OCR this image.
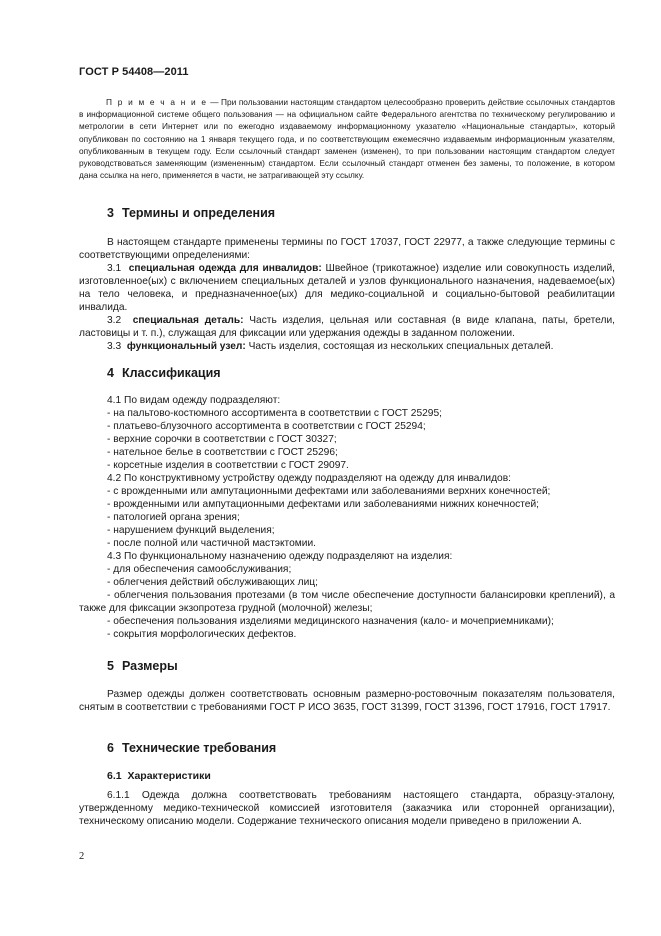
ГОСТ Р 54408—2011

П р и м е ч а н и е — При пользовании настоящим стандартом целесообразно проверить действие ссылочных стандартов в информационной системе общего пользования — на официальном сайте Федерального агентства по техническому регулированию и метрологии в сети Интернет или по ежегодно издаваемому информационному указателю «Национальные стандарты», который опубликован по состоянию на 1 января текущего года, и по соответствующим ежемесячно издаваемым информационным указателям, опубликованным в текущем году. Если ссылочный стандарт заменен (изменен), то при пользовании настоящим стандартом следует руководствоваться заменяющим (измененным) стандартом. Если ссылочный стандарт отменен без замены, то положение, в котором дана ссылка на него, применяется в части, не затрагивающей эту ссылку.

3 Термины и определения

В настоящем стандарте применены термины по ГОСТ 17037, ГОСТ 22977, а также следующие термины с соответствующими определениями:

3.1 специальная одежда для инвалидов: Швейное (трикотажное) изделие или совокупность изделий, изготовленное(ых) с включением специальных деталей и узлов функционального назначения, надеваемое(ых) на тело человека, и предназначенное(ых) для медико-социальной и социально-бытовой реабилитации инвалида.

3.2 специальная деталь: Часть изделия, цельная или составная (в виде клапана, паты, бретели, ластовицы и т. п.), служащая для фиксации или удержания одежды в заданном положении.

3.3 функциональный узел: Часть изделия, состоящая из нескольких специальных деталей.

4 Классификация

4.1 По видам одежду подразделяют:

- на пальтово-костюмного ассортимента в соответствии с ГОСТ 25295;

- платьево-блузочного ассортимента в соответствии с ГОСТ 25294;

- верхние сорочки в соответствии с ГОСТ 30327;

- нательное белье в соответствии с ГОСТ 25296;

- корсетные изделия в соответствии с ГОСТ 29097.

4.2 По конструктивному устройству одежду подразделяют на одежду для инвалидов:

- с врожденными или ампутационными дефектами или заболеваниями верхних конечностей;

- врожденными или ампутационными дефектами или заболеваниями нижних конечностей;

- патологией органа зрения;

- нарушением функций выделения;

- после полной или частичной мастэктомии.

4.3 По функциональному назначению одежду подразделяют на изделия:

- для обеспечения самообслуживания;

- облегчения действий обслуживающих лиц;

- облегчения пользования протезами (в том числе обеспечение доступности балансировки креплений), а также для фиксации экзопротеза грудной (молочной) железы;

- обеспечения пользования изделиями медицинского назначения (кало- и мочеприемниками);

- сокрытия морфологических дефектов.

5 Размеры

Размер одежды должен соответствовать основным размерно-ростовочным показателям пользователя, снятым в соответствии с требованиями ГОСТ Р ИСО 3635, ГОСТ 31399, ГОСТ 31396, ГОСТ 17916, ГОСТ 17917.

6 Технические требования
6.1 Характеристики

6.1.1 Одежда должна соответствовать требованиям настоящего стандарта, образцу-эталону, утвержденному медико-технической комиссией изготовителя (заказчика или сторонней организации), техническому описанию модели. Содержание технического описания модели приведено в приложении А.

2
